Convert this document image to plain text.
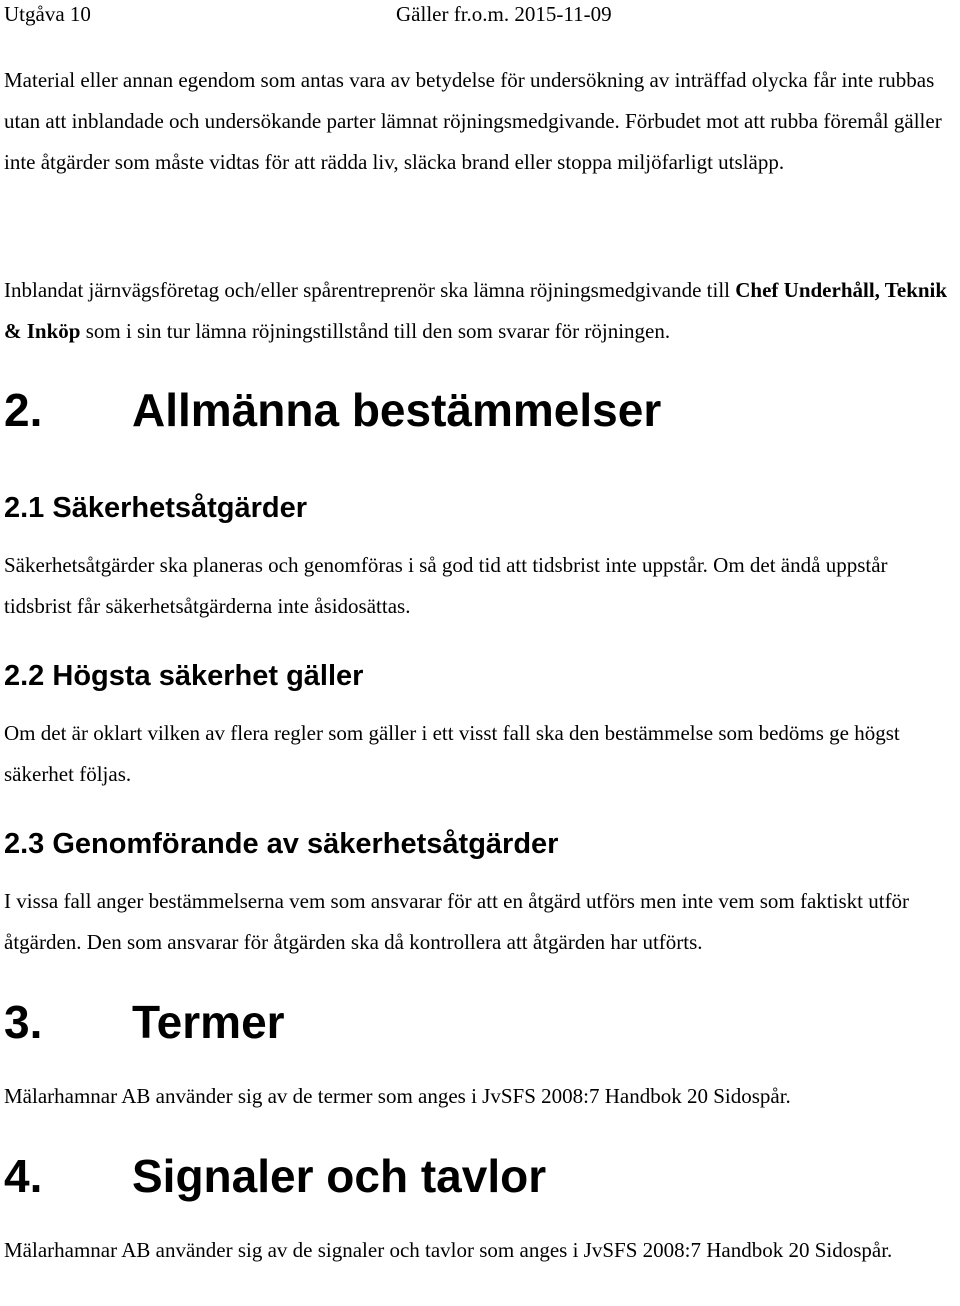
Utgåva 10	Gäller fr.o.m. 2015-11-09

Material eller annan egendom som antas vara av betydelse för undersökning av inträffad olycka får inte rubbas utan att inblandade och undersökande parter lämnat röjningsmedgivande. Förbudet mot att rubba föremål gäller inte åtgärder som måste vidtas för att rädda liv, släcka brand eller stoppa miljöfarligt utsläpp.

Inblandat järnvägsföretag och/eller spårentreprenör ska lämna röjningsmedgivande till Chef Underhåll, Teknik & Inköp som i sin tur lämna röjningstillstånd till den som svarar för röjningen.

2. Allmänna bestämmelser
2.1 Säkerhetsåtgärder

Säkerhetsåtgärder ska planeras och genomföras i så god tid att tidsbrist inte uppstår. Om det ändå uppstår tidsbrist får säkerhetsåtgärderna inte åsidosättas.

2.2 Högsta säkerhet gäller

Om det är oklart vilken av flera regler som gäller i ett visst fall ska den bestämmelse som bedöms ge högst säkerhet följas.

2.3 Genomförande av säkerhetsåtgärder

I vissa fall anger bestämmelserna vem som ansvarar för att en åtgärd utförs men inte vem som faktiskt utför åtgärden. Den som ansvarar för åtgärden ska då kontrollera att åtgärden har utförts.

3. Termer

Mälarhamnar AB använder sig av de termer som anges i JvSFS 2008:7 Handbok 20 Sidospår.

4. Signaler och tavlor

Mälarhamnar AB använder sig av de signaler och tavlor som anges i JvSFS 2008:7 Handbok 20 Sidospår.
